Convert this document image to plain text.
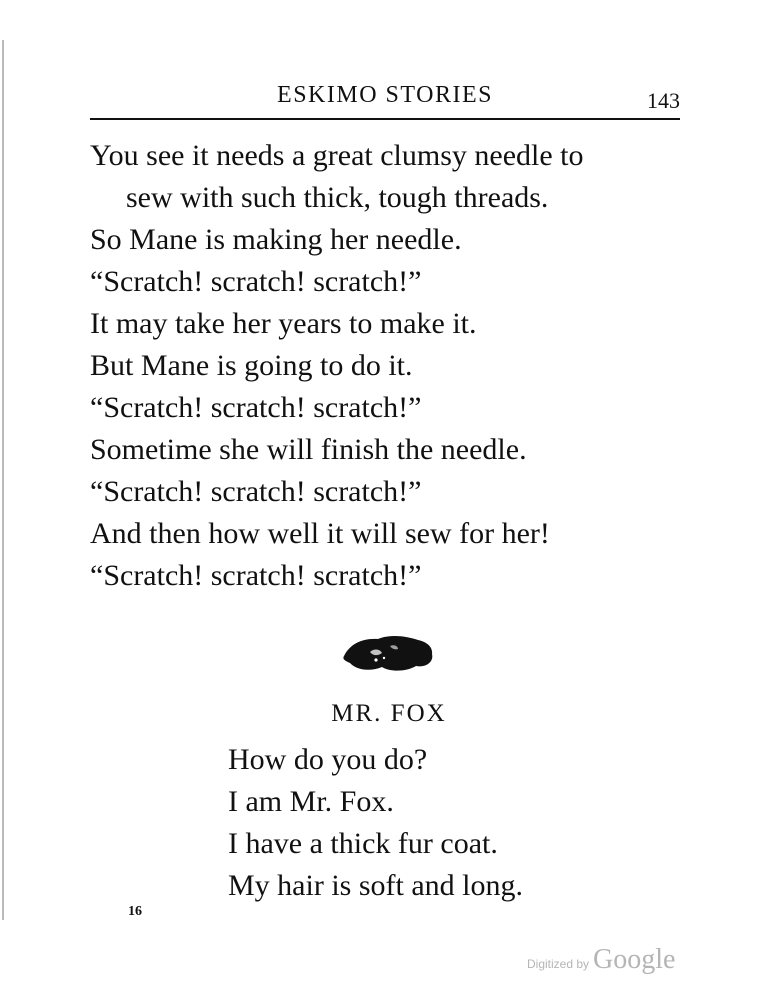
ESKIMO STORIES	143
You see it needs a great clumsy needle to
sew with such thick, tough threads.
So Mane is making her needle.
“Scratch! scratch! scratch!”
It may take her years to make it.
But Mane is going to do it.
“Scratch! scratch! scratch!”
Sometime she will finish the needle.
“Scratch! scratch! scratch!”
And then how well it will sew for her!
“Scratch! scratch! scratch!”
MR. FOX
How do you do?
I am Mr. Fox.
I have a thick fur coat.
My hair is soft and long.
16
Digitized by Google
